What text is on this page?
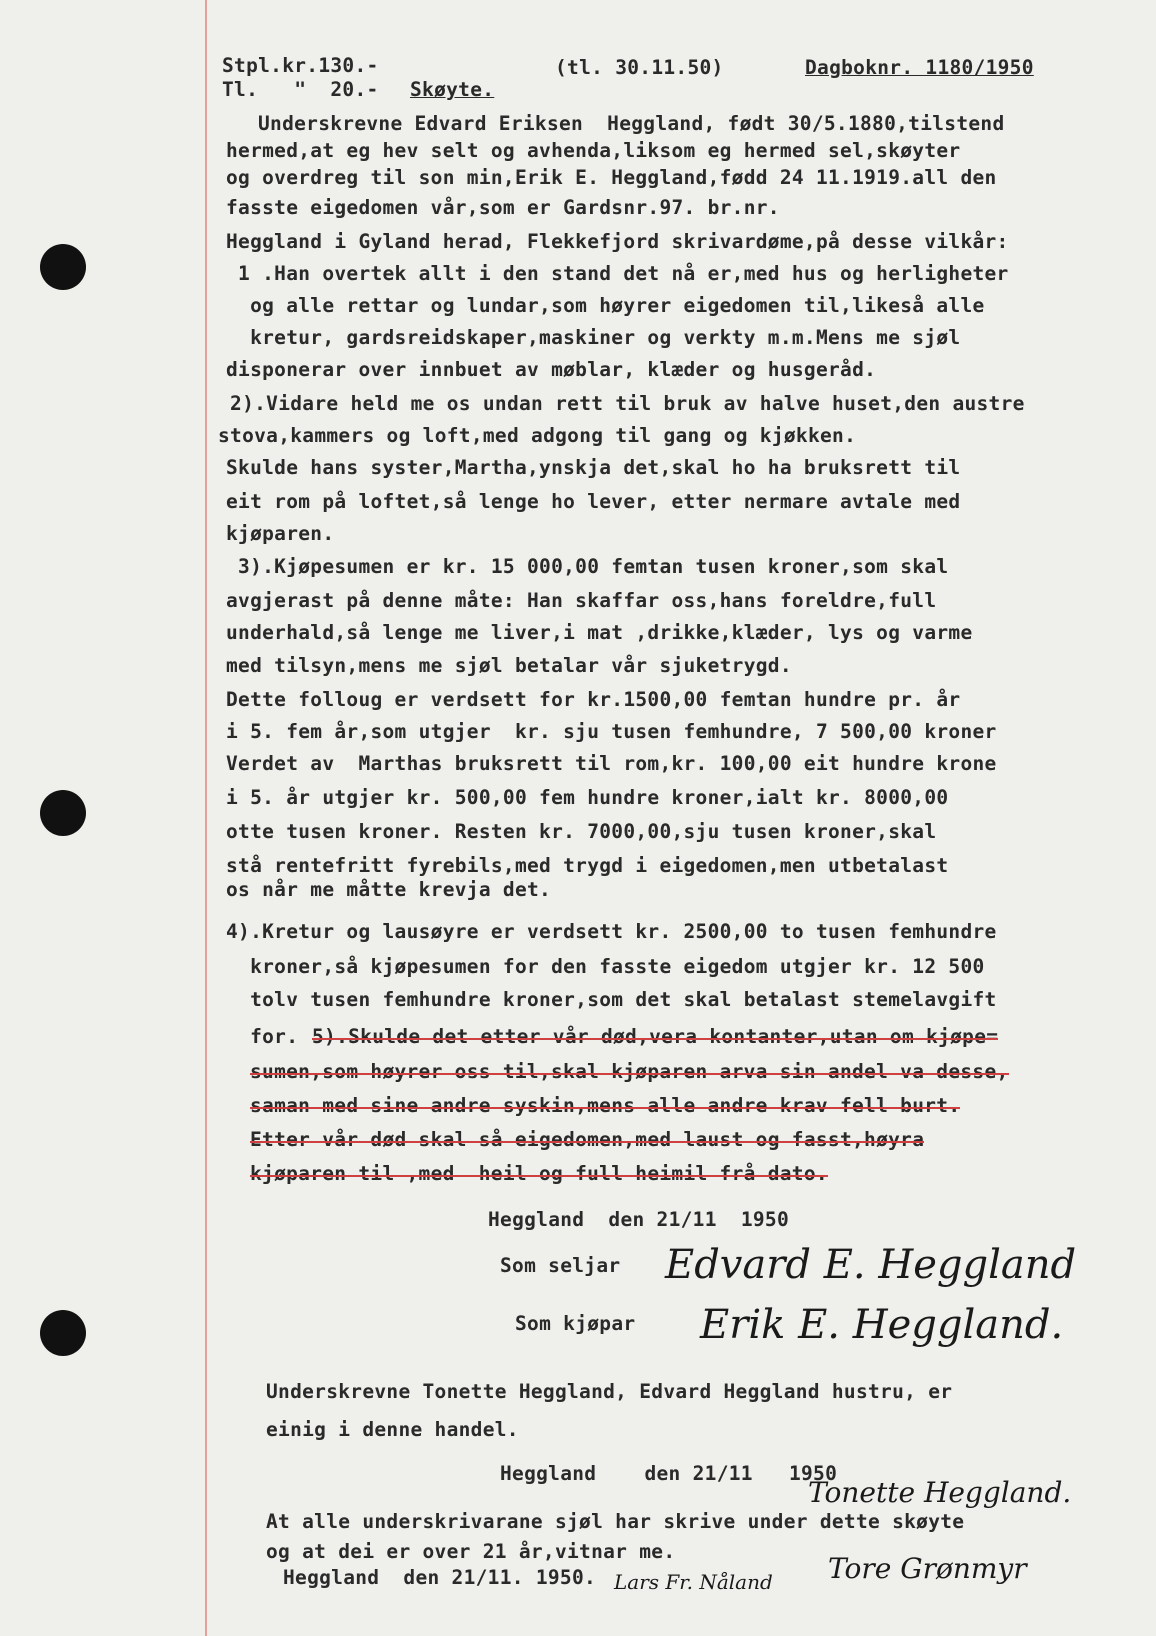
Stpl.kr.130.-
Tl.   "  20.- Skøyte.
(tl. 30.11.50)	Dagboknr. 1180/1950
Underskrevne Edvard Eriksen  Heggland, født 30/5.1880,tilstend
hermed,at eg hev selt og avhenda,liksom eg hermed sel,skøyter
og overdreg til son min,Erik E. Heggland,fødd 24 11.1919.all den
fasste eigedomen vår,som er Gardsnr.97. br.nr.
Heggland i Gyland herad, Flekkefjord skrivardøme,på desse vilkår:
1 .Han overtek allt i den stand det nå er,med hus og herligheter
og alle rettar og lundar,som høyrer eigedomen til,likeså alle
kretur, gardsreidskaper,maskiner og verkty m.m.Mens me sjøl
disponerar over innbuet av møblar, klæder og husgeråd.
2).Vidare held me os undan rett til bruk av halve huset,den austre
stova,kammers og loft,med adgong til gang og kjøkken.
Skulde hans syster,Martha,ynskja det,skal ho ha bruksrett til
eit rom på loftet,så lenge ho lever, etter nermare avtale med
kjøparen.
3).Kjøpesumen er kr. 15 000,00 femtan tusen kroner,som skal
avgjerast på denne måte: Han skaffar oss,hans foreldre,full
underhald,så lenge me liver,i mat ,drikke,klæder, lys og varme
med tilsyn,mens me sjøl betalar vår sjuketrygd.
Dette folloug er verdsett for kr.1500,00 femtan hundre pr. år
i 5. fem år,som utgjer  kr. sju tusen femhundre, 7 500,00 kroner
Verdet av  Marthas bruksrett til rom,kr. 100,00 eit hundre krone
i 5. år utgjer kr. 500,00 fem hundre kroner,ialt kr. 8000,00
otte tusen kroner. Resten kr. 7000,00,sju tusen kroner,skal
stå rentefritt fyrebils,med trygd i eigedomen,men utbetalast
os når me måtte krevja det.
4).Kretur og lausøyre er verdsett kr. 2500,00 to tusen femhundre
kroner,så kjøpesumen for den fasste eigedom utgjer kr. 12 500
tolv tusen femhundre kroner,som det skal betalast stemelavgift
for. 5).Skulde det etter vår død,vera kontanter,utan om kjøpe=
sumen,som høyrer oss til,skal kjøparen arva sin andel va desse,
saman med sine andre syskin,mens alle andre krav fell burt.
Etter vår død skal så eigedomen,med laust og fasst,høyra
kjøparen til ,med  heil og full heimil frå dato.
Heggland  den 21/11  1950
Som seljar Edvard E. Heggland
Som kjøpar Erik E. Heggland.
Underskrevne Tonette Heggland, Edvard Heggland hustru, er
einig i denne handel.
Heggland    den 21/11   1950
Tonette Heggland.
At alle underskrivarane sjøl har skrive under dette skøyte
og at dei er over 21 år,vitnar me.
Heggland  den 21/11. 1950. Lars Fr. Nåland Tore Grønmyr
